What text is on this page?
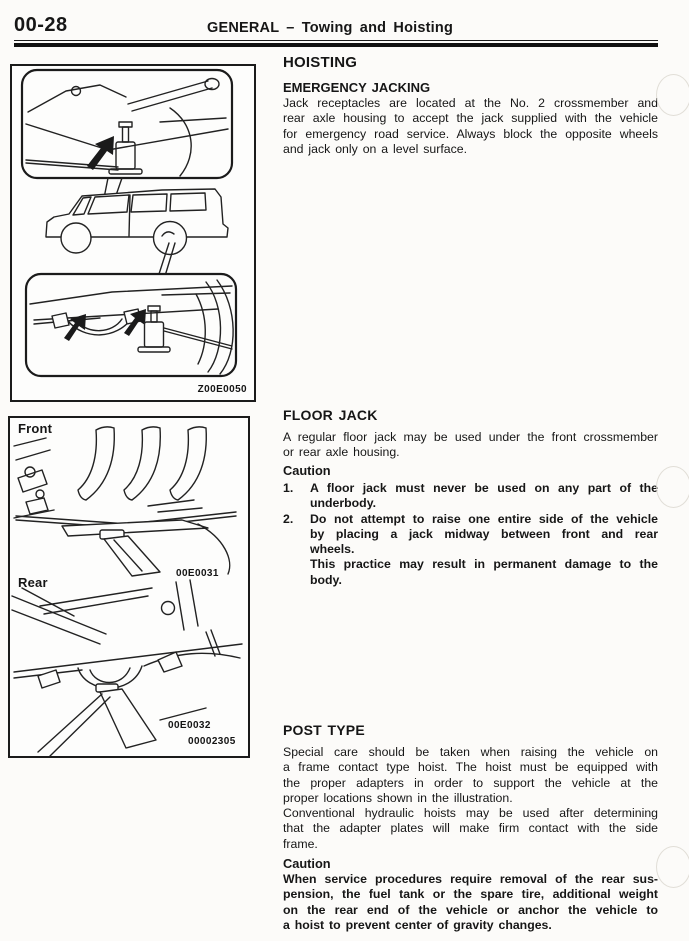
00-28	GENERAL – Towing and Hoisting
Z00E0050
Front
Rear
00E0031
00E0032
00002305
HOISTING
EMERGENCY JACKING
Jack receptacles are located at the No. 2 crossmember and
rear axle housing to accept the jack supplied with the vehicle
for emergency road service. Always block the opposite wheels
and jack only on a level surface.
FLOOR JACK
A regular floor jack may be used under the front crossmember
or rear axle housing.
Caution
1.	A floor jack must never be used on any part of the
underbody.
2.	Do not attempt to raise one entire side of the vehicle
by placing a jack midway between front and rear
wheels.
This practice may result in permanent damage to the
body.
POST TYPE
Special care should be taken when raising the vehicle on
a frame contact type hoist. The hoist must be equipped with
the proper adapters in order to support the vehicle at the
proper locations shown in the illustration.
Conventional hydraulic hoists may be used after determining
that the adapter plates will make firm contact with the side
frame.
Caution
When service procedures require removal of the rear sus-
pension, the fuel tank or the spare tire, additional weight
on the rear end of the vehicle or anchor the vehicle to
a hoist to prevent center of gravity changes.
